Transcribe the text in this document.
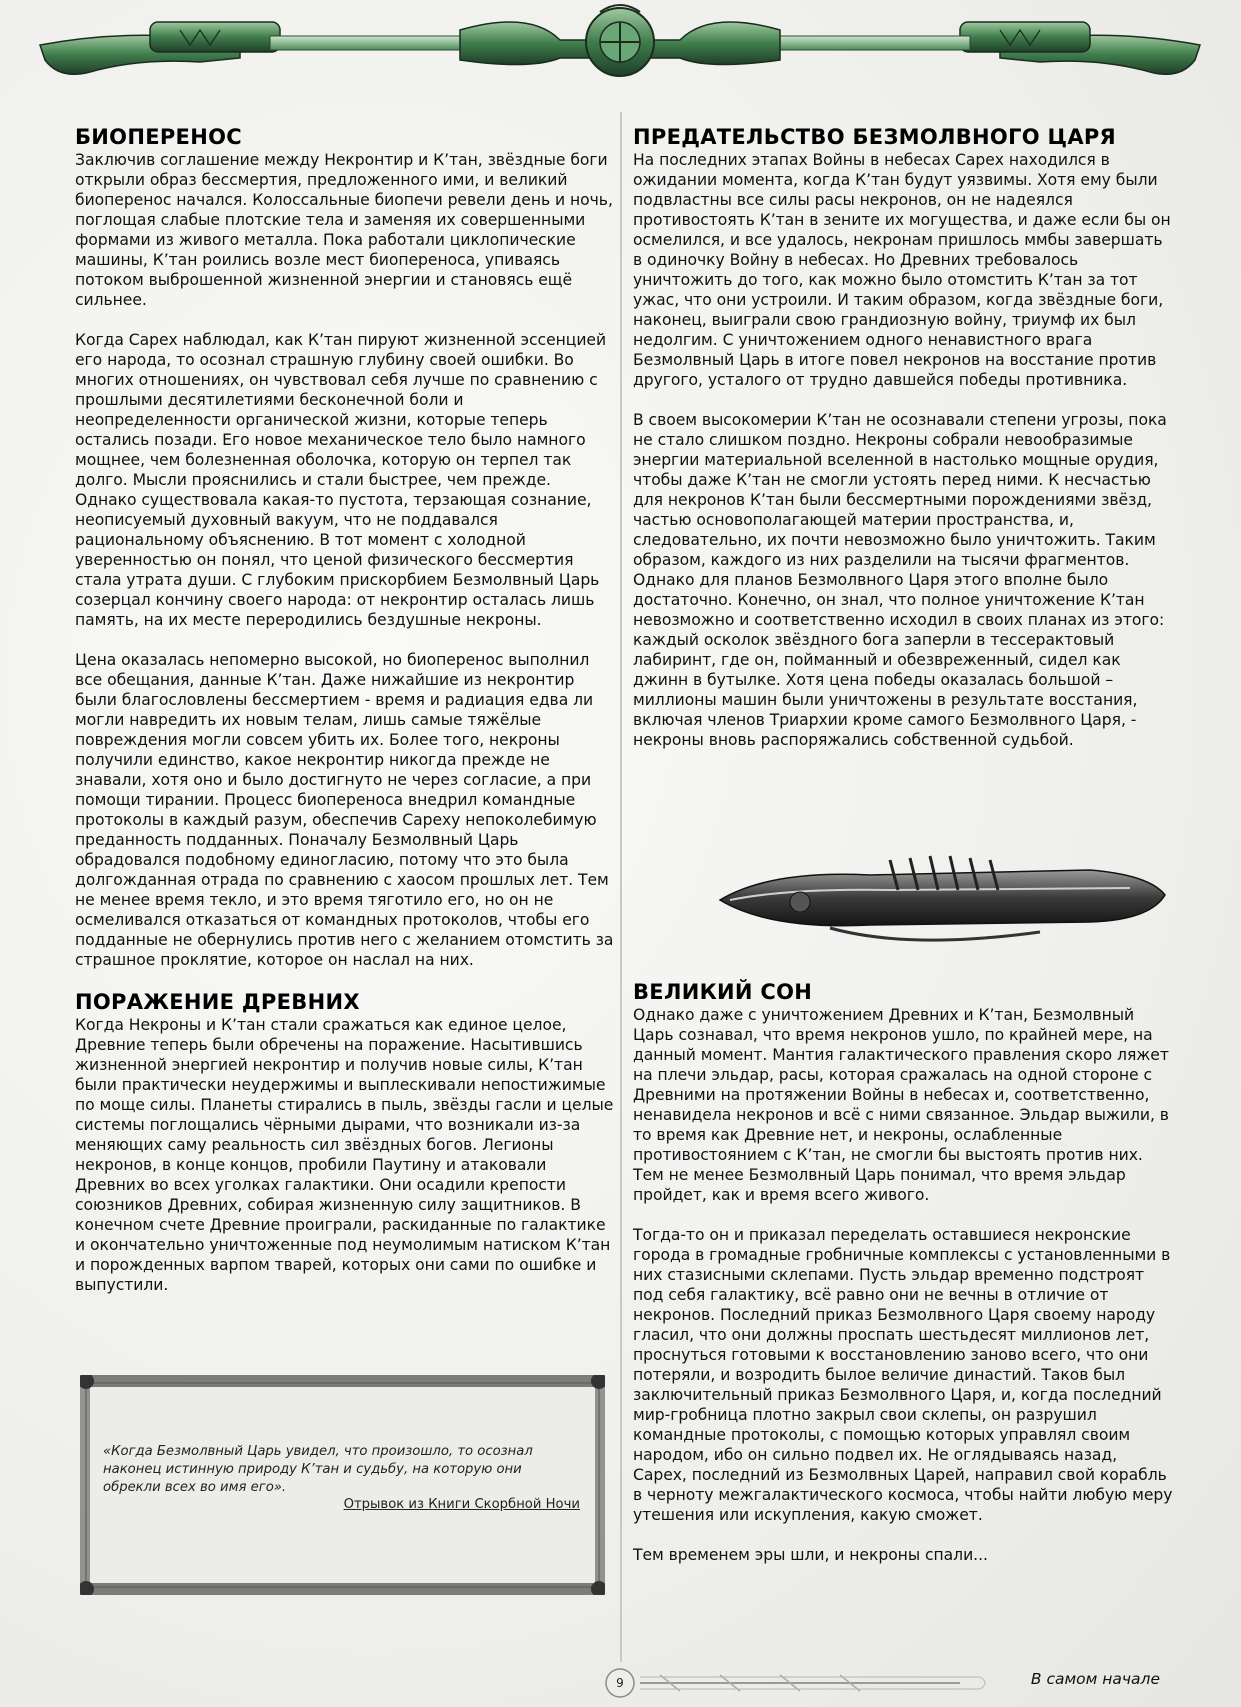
БИОПЕРЕНОС

Заключив соглашение между Некронтир и К’тан, звёздные боги открыли образ бессмертия, предложенного ими, и великий биоперенос начался. Колоссальные биопечи ревели день и ночь, поглощая слабые плотские тела и заменяя их совершенными формами из живого металла. Пока работали циклопические машины, К’тан роились возле мест биопереноса, упиваясь потоком выброшенной жизненной энергии и становясь ещё сильнее.

Когда Сарех наблюдал, как К’тан пируют жизненной эссенцией его народа, то осознал страшную глубину своей ошибки. Во многих отношениях, он чувствовал себя лучше по сравнению с прошлыми десятилетиями бесконечной боли и неопределенности органической жизни, которые теперь остались позади. Его новое механическое тело было намного мощнее, чем болезненная оболочка, которую он терпел так долго. Мысли прояснились и стали быстрее, чем прежде. Однако существовала какая-то пустота, терзающая сознание, неописуемый духовный вакуум, что не поддавался рациональному объяснению. В тот момент с холодной уверенностью он понял, что ценой физического бессмертия стала утрата души. С глубоким прискорбием Безмолвный Царь созерцал кончину своего народа: от некронтир осталась лишь память, на их месте переродились бездушные некроны.

Цена оказалась непомерно высокой, но биоперенос выполнил все обещания, данные К’тан. Даже нижайшие из некронтир были благословлены бессмертием - время и радиация едва ли могли навредить их новым телам, лишь самые тяжёлые повреждения могли совсем убить их. Более того, некроны получили единство, какое некронтир никогда прежде не знавали, хотя оно и было достигнуто не через согласие, а при помощи тирании. Процесс биопереноса внедрил командные протоколы в каждый разум, обеспечив Сареху непоколебимую преданность подданных. Поначалу Безмолвный Царь обрадовался подобному единогласию, потому что это была долгожданная отрада по сравнению с хаосом прошлых лет. Тем не менее время текло, и это время тяготило его, но он не осмеливался отказаться от командных протоколов, чтобы его подданные не обернулись против него с желанием отомстить за страшное проклятие, которое он наслал на них.

ПОРАЖЕНИЕ ДРЕВНИХ

Когда Некроны и К’тан стали сражаться как единое целое, Древние теперь были обречены на поражение. Насытившись жизненной энергией некронтир и получив новые силы, К’тан были практически неудержимы и выплескивали непостижимые по моще силы. Планеты стирались в пыль, звёзды гасли и целые системы поглощались чёрными дырами, что возникали из-за меняющих саму реальность сил звёздных богов. Легионы некронов, в конце концов, пробили Паутину и атаковали Древних во всех уголках галактики. Они осадили крепости союзников Древних, собирая жизненную силу защитников. В конечном счете Древние проиграли, раскиданные по галактике и окончательно уничтоженные под неумолимым натиском К’тан и порожденных варпом тварей, которых они сами по ошибке и выпустили.

«Когда Безмолвный Царь увидел, что произошло, то осознал наконец истинную природу К’тан и судьбу, на которую они обрекли всех во имя его».
Отрывок из Книги Скорбной Ночи
ПРЕДАТЕЛЬСТВО БЕЗМОЛВНОГО ЦАРЯ

На последних этапах Войны в небесах Сарех находился в ожидании момента, когда К’тан будут уязвимы. Хотя ему были подвластны все силы расы некронов, он не надеялся противостоять К’тан в зените их могущества, и даже если бы он осмелился, и все удалось, некронам пришлось ммбы завершать в одиночку Войну в небесах. Но Древних требовалось уничтожить до того, как можно было отомстить К’тан за тот ужас, что они устроили. И таким образом, когда звёздные боги, наконец, выиграли свою грандиозную войну, триумф их был недолгим. С уничтожением одного ненавистного врага Безмолвный Царь в итоге повел некронов на восстание против другого, усталого от трудно давшейся победы противника.

В своем высокомерии К’тан не осознавали степени угрозы, пока не стало слишком поздно. Некроны собрали невообразимые энергии материальной вселенной в настолько мощные орудия, чтобы даже К’тан не смогли устоять перед ними. К несчастью для некронов К’тан были бессмертными порождениями звёзд, частью основополагающей материи пространства, и, следовательно, их почти невозможно было уничтожить. Таким образом, каждого из них разделили на тысячи фрагментов. Однако для планов Безмолвного Царя этого вполне было достаточно. Конечно, он знал, что полное уничтожение К’тан невозможно и соответственно исходил в своих планах из этого: каждый осколок звёздного бога заперли в тессерактовый лабиринт, где он, пойманный и обезвреженный, сидел как джинн в бутылке. Хотя цена победы оказалась большой – миллионы машин были уничтожены в результате восстания, включая членов Триархии кроме самого Безмолвного Царя, - некроны вновь распоряжались собственной судьбой.

ВЕЛИКИЙ СОН

Однако даже с уничтожением Древних и К’тан, Безмолвный Царь сознавал, что время некронов ушло, по крайней мере, на данный момент. Мантия галактического правления скоро ляжет на плечи эльдар, расы, которая сражалась на одной стороне с Древними на протяжении Войны в небесах и, соответственно, ненавидела некронов и всё с ними связанное. Эльдар выжили, в то время как Древние нет, и некроны, ослабленные противостоянием с К’тан, не смогли бы выстоять против них. Тем не менее Безмолвный Царь понимал, что время эльдар пройдет, как и время всего живого.

Тогда-то он и приказал переделать оставшиеся некронские города в громадные гробничные комплексы с установленными в них стазисными склепами. Пусть эльдар временно подстроят под себя галактику, всё равно они не вечны в отличие от некронов. Последний приказ Безмолвного Царя своему народу гласил, что они должны проспать шестьдесят миллионов лет, проснуться готовыми к восстановлению заново всего, что они потеряли, и возродить былое величие династий. Таков был заключительный приказ Безмолвного Царя, и, когда последний мир-гробница плотно закрыл свои склепы, он разрушил командные протоколы, с помощью которых управлял своим народом, ибо он сильно подвел их. Не оглядываясь назад, Сарех, последний из Безмолвных Царей, направил свой корабль в черноту межгалактического космоса, чтобы найти любую меру утешения или искупления, какую сможет.

Тем временем эры шли, и некроны спали...

9	В самом начале
